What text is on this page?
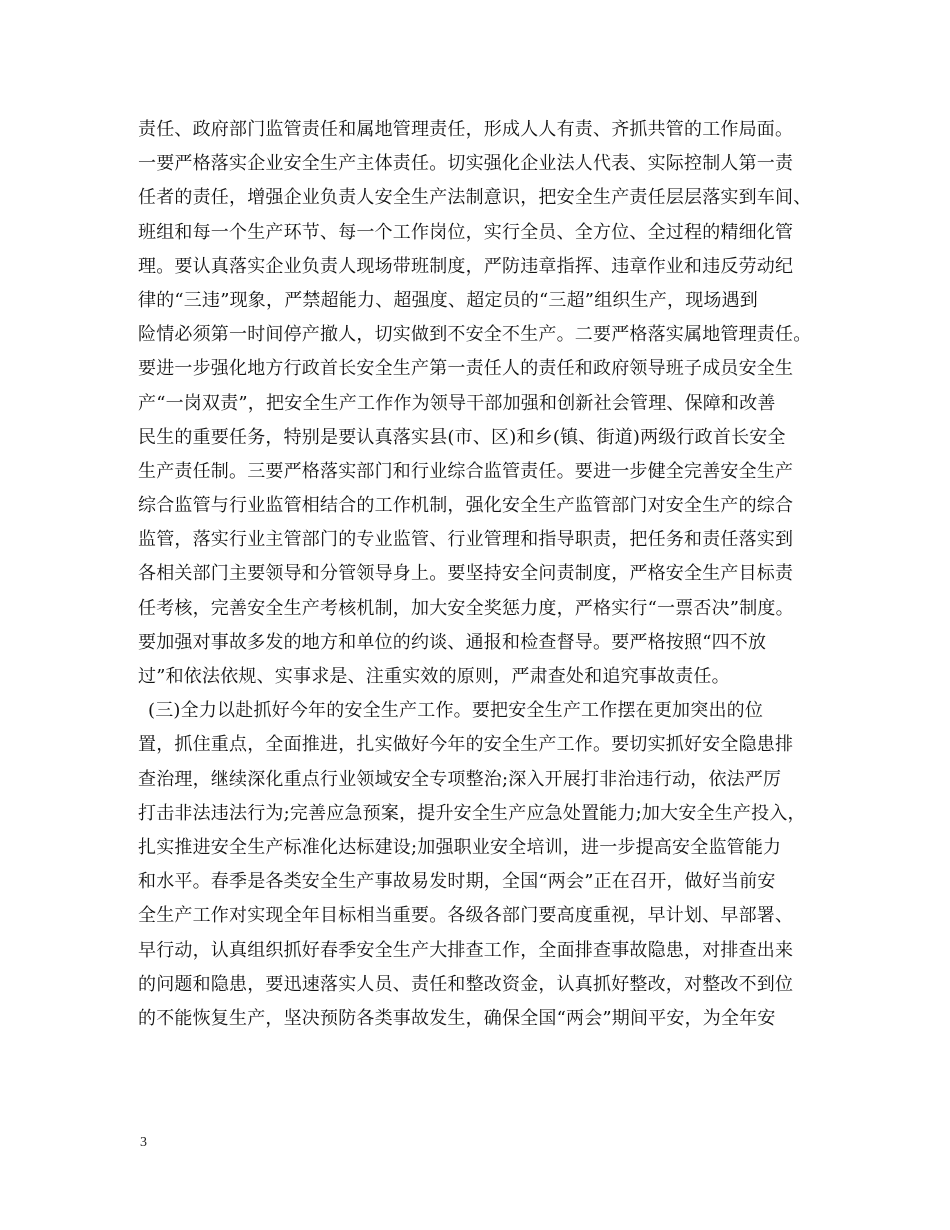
责任、政府部门监管责任和属地管理责任，形成人人有责、齐抓共管的工作局面。
一要严格落实企业安全生产主体责任。切实强化企业法人代表、实际控制人第一责
任者的责任，增强企业负责人安全生产法制意识，把安全生产责任层层落实到车间、
班组和每一个生产环节、每一个工作岗位，实行全员、全方位、全过程的精细化管
理。要认真落实企业负责人现场带班制度，严防违章指挥、违章作业和违反劳动纪
律的“三违”现象，严禁超能力、超强度、超定员的“三超”组织生产，现场遇到
险情必须第一时间停产撤人，切实做到不安全不生产。二要严格落实属地管理责任。
要进一步强化地方行政首长安全生产第一责任人的责任和政府领导班子成员安全生
产“一岗双责”，把安全生产工作作为领导干部加强和创新社会管理、保障和改善
民生的重要任务，特别是要认真落实县(市、区)和乡(镇、街道)两级行政首长安全
生产责任制。三要严格落实部门和行业综合监管责任。要进一步健全完善安全生产
综合监管与行业监管相结合的工作机制，强化安全生产监管部门对安全生产的综合
监管，落实行业主管部门的专业监管、行业管理和指导职责，把任务和责任落实到
各相关部门主要领导和分管领导身上。要坚持安全问责制度，严格安全生产目标责
任考核，完善安全生产考核机制，加大安全奖惩力度，严格实行“一票否决”制度。
要加强对事故多发的地方和单位的约谈、通报和检查督导。要严格按照“四不放
过”和依法依规、实事求是、注重实效的原则，严肃查处和追究事故责任。
(三)全力以赴抓好今年的安全生产工作。要把安全生产工作摆在更加突出的位
置，抓住重点，全面推进，扎实做好今年的安全生产工作。要切实抓好安全隐患排
查治理，继续深化重点行业领域安全专项整治;深入开展打非治违行动，依法严厉
打击非法违法行为;完善应急预案，提升安全生产应急处置能力;加大安全生产投入，
扎实推进安全生产标准化达标建设;加强职业安全培训，进一步提高安全监管能力
和水平。春季是各类安全生产事故易发时期，全国“两会”正在召开，做好当前安
全生产工作对实现全年目标相当重要。各级各部门要高度重视，早计划、早部署、
早行动，认真组织抓好春季安全生产大排查工作，全面排查事故隐患，对排查出来
的问题和隐患，要迅速落实人员、责任和整改资金，认真抓好整改，对整改不到位
的不能恢复生产，坚决预防各类事故发生，确保全国“两会”期间平安，为全年安
3
